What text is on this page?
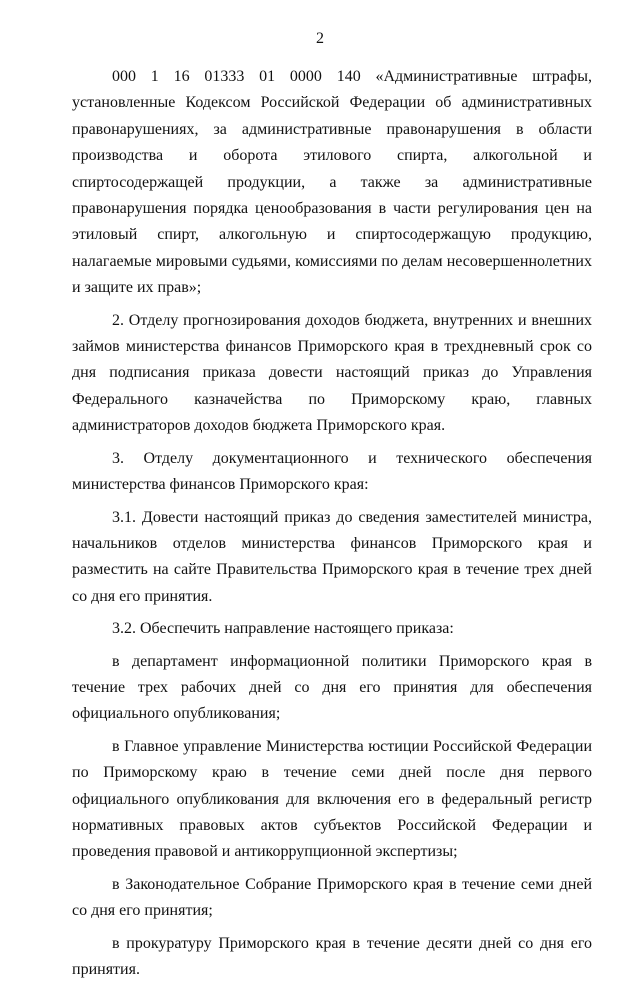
2

000 1 16 01333 01 0000 140 «Административные штрафы, установленные Кодексом Российской Федерации об административных правонарушениях, за административные правонарушения в области производства и оборота этилового спирта, алкогольной и спиртосодержащей продукции, а также за административные правонарушения порядка ценообразования в части регулирования цен на этиловый спирт, алкогольную и спиртосодержащую продукцию, налагаемые мировыми судьями, комиссиями по делам несовершеннолетних и защите их прав»;

2. Отделу прогнозирования доходов бюджета, внутренних и внешних займов министерства финансов Приморского края в трехдневный срок со дня подписания приказа довести настоящий приказ до Управления Федерального казначейства по Приморскому краю, главных администраторов доходов бюджета Приморского края.

3. Отделу документационного и технического обеспечения министерства финансов Приморского края:

3.1. Довести настоящий приказ до сведения заместителей министра, начальников отделов министерства финансов Приморского края и разместить на сайте Правительства Приморского края в течение трех дней со дня его принятия.

3.2. Обеспечить направление настоящего приказа:

в департамент информационной политики Приморского края в течение трех рабочих дней со дня его принятия для обеспечения официального опубликования;

в Главное управление Министерства юстиции Российской Федерации по Приморскому краю в течение семи дней после дня первого официального опубликования для включения его в федеральный регистр нормативных правовых актов субъектов Российской Федерации и проведения правовой и антикоррупционной экспертизы;

в Законодательное Собрание Приморского края в течение семи дней со дня его принятия;

в прокуратуру Приморского края в течение десяти дней со дня его принятия.
